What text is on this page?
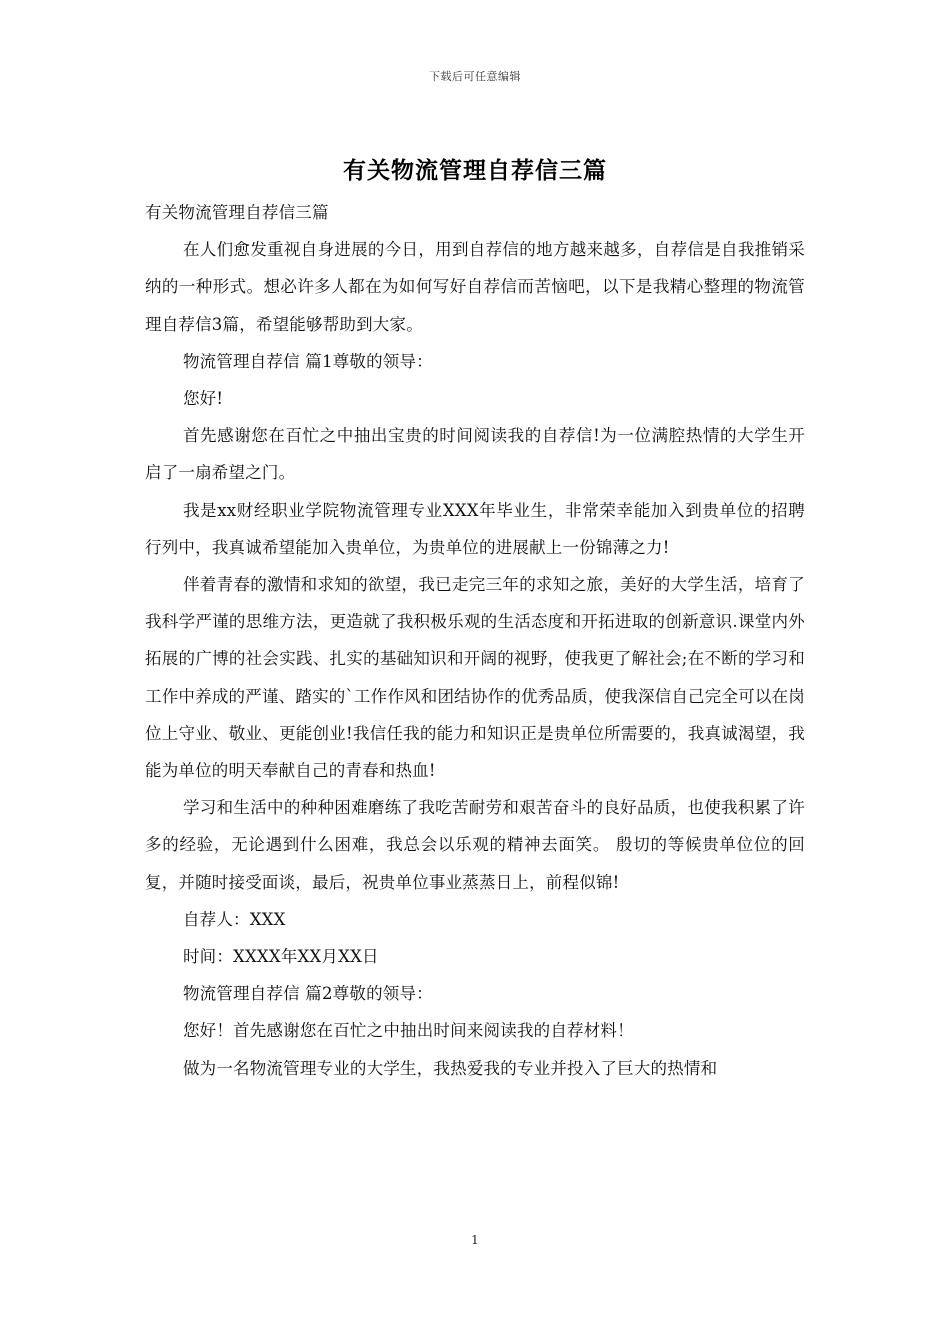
下载后可任意编辑
有关物流管理自荐信三篇

有关物流管理自荐信三篇

在人们愈发重视自身进展的今日，用到自荐信的地方越来越多，自荐信是自我推销采纳的一种形式。想必许多人都在为如何写好自荐信而苦恼吧，以下是我精心整理的物流管理自荐信3篇，希望能够帮助到大家。

物流管理自荐信 篇1尊敬的领导：

您好!

首先感谢您在百忙之中抽出宝贵的时间阅读我的自荐信!为一位满腔热情的大学生开启了一扇希望之门。

我是xx财经职业学院物流管理专业XXX年毕业生，非常荣幸能加入到贵单位的招聘行列中，我真诚希望能加入贵单位，为贵单位的进展献上一份锦薄之力!

伴着青春的激情和求知的欲望，我已走完三年的求知之旅，美好的大学生活，培育了我科学严谨的思维方法，更造就了我积极乐观的生活态度和开拓进取的创新意识.课堂内外拓展的广博的社会实践、扎实的基础知识和开阔的视野，使我更了解社会;在不断的学习和工作中养成的严谨、踏实的`工作作风和团结协作的优秀品质，使我深信自己完全可以在岗位上守业、敬业、更能创业!我信任我的能力和知识正是贵单位所需要的，我真诚渴望，我能为单位的明天奉献自己的青春和热血!

学习和生活中的种种困难磨练了我吃苦耐劳和艰苦奋斗的良好品质，也使我积累了许多的经验，无论遇到什么困难，我总会以乐观的精神去面笑。 殷切的等候贵单位位的回复，并随时接受面谈，最后，祝贵单位事业蒸蒸日上，前程似锦!

自荐人：XXX

时间：XXXX年XX月XX日

物流管理自荐信 篇2尊敬的领导：

您好！首先感谢您在百忙之中抽出时间来阅读我的自荐材料！

做为一名物流管理专业的大学生，我热爱我的专业并投入了巨大的热情和

1
